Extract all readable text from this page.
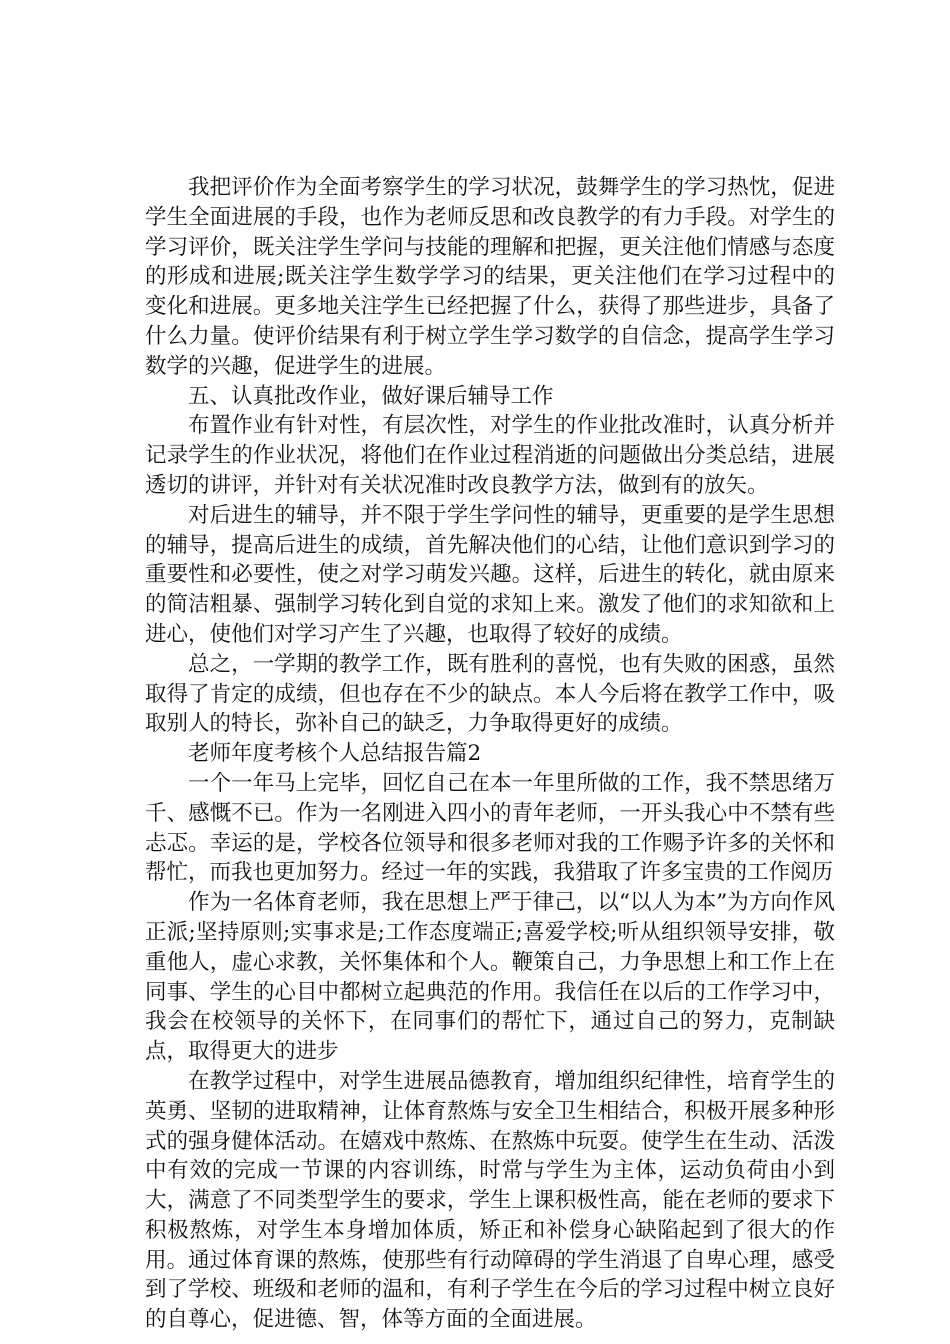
我把评价作为全面考察学生的学习状况，鼓舞学生的学习热忱，促进学生全面进展的手段，也作为老师反思和改良教学的有力手段。对学生的学习评价，既关注学生学问与技能的理解和把握，更关注他们情感与态度的形成和进展;既关注学生数学学习的结果，更关注他们在学习过程中的变化和进展。更多地关注学生已经把握了什么，获得了那些进步，具备了什么力量。使评价结果有利于树立学生学习数学的自信念，提高学生学习数学的兴趣，促进学生的进展。

五、认真批改作业，做好课后辅导工作

布置作业有针对性，有层次性，对学生的作业批改准时，认真分析并记录学生的作业状况，将他们在作业过程消逝的问题做出分类总结，进展透切的讲评，并针对有关状况准时改良教学方法，做到有的放矢。

对后进生的辅导，并不限于学生学问性的辅导，更重要的是学生思想的辅导，提高后进生的成绩，首先解决他们的心结，让他们意识到学习的重要性和必要性，使之对学习萌发兴趣。这样，后进生的转化，就由原来的简洁粗暴、强制学习转化到自觉的求知上来。激发了他们的求知欲和上进心，使他们对学习产生了兴趣，也取得了较好的成绩。

总之，一学期的教学工作，既有胜利的喜悦，也有失败的困惑，虽然取得了肯定的成绩，但也存在不少的缺点。本人今后将在教学工作中，吸取别人的特长，弥补自己的缺乏，力争取得更好的成绩。

老师年度考核个人总结报告篇2

一个一年马上完毕，回忆自己在本一年里所做的工作，我不禁思绪万千、感慨不已。作为一名刚进入四小的青年老师，一开头我心中不禁有些忐忑。幸运的是，学校各位领导和很多老师对我的工作赐予许多的关怀和帮忙，而我也更加努力。经过一年的实践，我猎取了许多宝贵的工作阅历

作为一名体育老师，我在思想上严于律己，以“以人为本”为方向作风正派;坚持原则;实事求是;工作态度端正;喜爱学校;听从组织领导安排，敬重他人，虚心求教，关怀集体和个人。鞭策自己，力争思想上和工作上在同事、学生的心目中都树立起典范的作用。我信任在以后的工作学习中，我会在校领导的关怀下，在同事们的帮忙下，通过自己的努力，克制缺点，取得更大的进步

在教学过程中，对学生进展品德教育，增加组织纪律性，培育学生的英勇、坚韧的进取精神，让体育熬炼与安全卫生相结合，积极开展多种形式的强身健体活动。在嬉戏中熬炼、在熬炼中玩耍。使学生在生动、活泼中有效的完成一节课的内容训练，时常与学生为主体，运动负荷由小到大，满意了不同类型学生的要求，学生上课积极性高，能在老师的要求下积极熬炼，对学生本身增加体质，矫正和补偿身心缺陷起到了很大的作用。通过体育课的熬炼，使那些有行动障碍的学生消退了自卑心理，感受到了学校、班级和老师的温和，有利子学生在今后的学习过程中树立良好的自尊心，促进德、智，体等方面的全面进展。
